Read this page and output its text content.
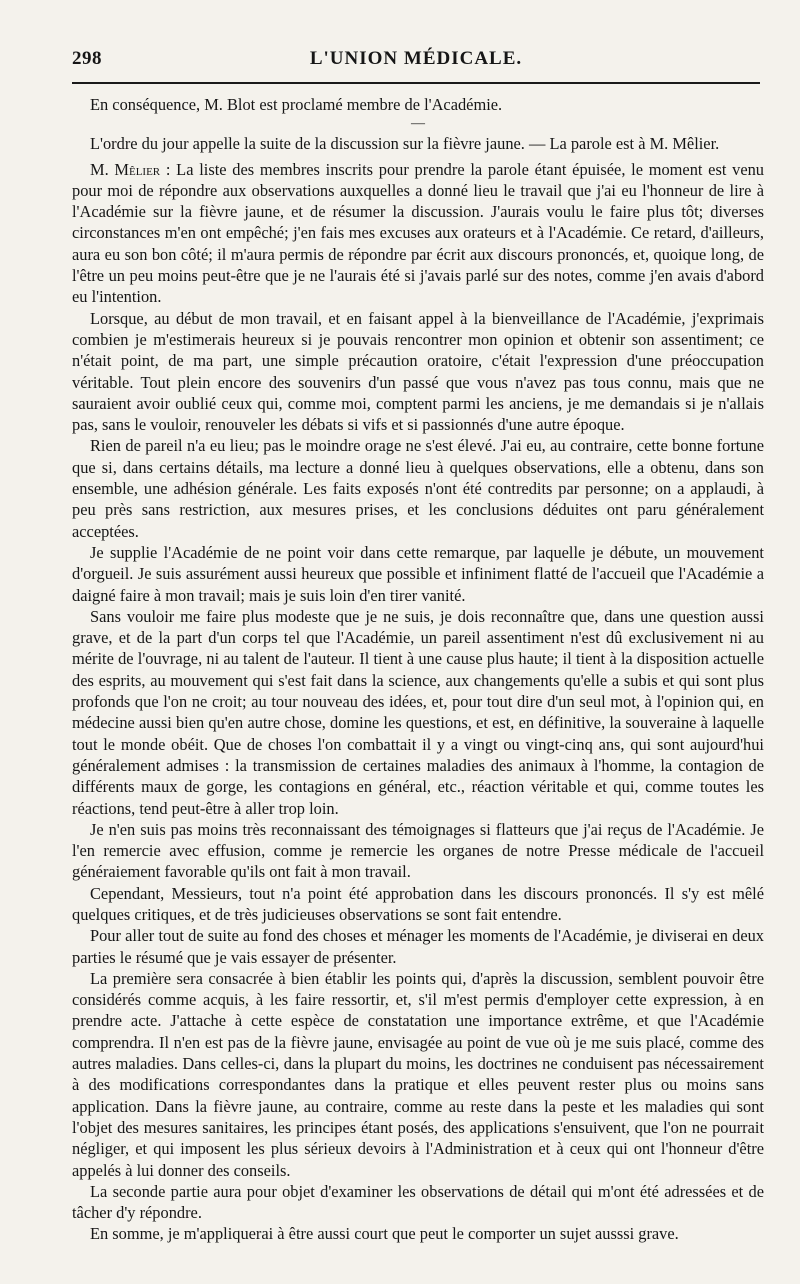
298	L'UNION MÉDICALE.

En conséquence, M. Blot est proclamé membre de l'Académie.

—

L'ordre du jour appelle la suite de la discussion sur la fièvre jaune. — La parole est à M. Mêlier.

M. Mêlier : La liste des membres inscrits pour prendre la parole étant épuisée, le moment est venu pour moi de répondre aux observations auxquelles a donné lieu le travail que j'ai eu l'honneur de lire à l'Académie sur la fièvre jaune, et de résumer la discussion. J'aurais voulu le faire plus tôt; diverses circonstances m'en ont empêché; j'en fais mes excuses aux orateurs et à l'Académie. Ce retard, d'ailleurs, aura eu son bon côté; il m'aura permis de répondre par écrit aux discours prononcés, et, quoique long, de l'être un peu moins peut-être que je ne l'aurais été si j'avais parlé sur des notes, comme j'en avais d'abord eu l'intention.

Lorsque, au début de mon travail, et en faisant appel à la bienveillance de l'Académie, j'exprimais combien je m'estimerais heureux si je pouvais rencontrer mon opinion et obtenir son assentiment; ce n'était point, de ma part, une simple précaution oratoire, c'était l'expression d'une préoccupation véritable. Tout plein encore des souvenirs d'un passé que vous n'avez pas tous connu, mais que ne sauraient avoir oublié ceux qui, comme moi, comptent parmi les anciens, je me demandais si je n'allais pas, sans le vouloir, renouveler les débats si vifs et si passionnés d'une autre époque.

Rien de pareil n'a eu lieu; pas le moindre orage ne s'est élevé. J'ai eu, au contraire, cette bonne fortune que si, dans certains détails, ma lecture a donné lieu à quelques observations, elle a obtenu, dans son ensemble, une adhésion générale. Les faits exposés n'ont été contredits par personne; on a applaudi, à peu près sans restriction, aux mesures prises, et les conclusions déduites ont paru généralement acceptées.

Je supplie l'Académie de ne point voir dans cette remarque, par laquelle je débute, un mouvement d'orgueil. Je suis assurément aussi heureux que possible et infiniment flatté de l'accueil que l'Académie a daigné faire à mon travail; mais je suis loin d'en tirer vanité.

Sans vouloir me faire plus modeste que je ne suis, je dois reconnaître que, dans une question aussi grave, et de la part d'un corps tel que l'Académie, un pareil assentiment n'est dû exclusivement ni au mérite de l'ouvrage, ni au talent de l'auteur. Il tient à une cause plus haute; il tient à la disposition actuelle des esprits, au mouvement qui s'est fait dans la science, aux changements qu'elle a subis et qui sont plus profonds que l'on ne croit; au tour nouveau des idées, et, pour tout dire d'un seul mot, à l'opinion qui, en médecine aussi bien qu'en autre chose, domine les questions, et est, en définitive, la souveraine à laquelle tout le monde obéit. Que de choses l'on combattait il y a vingt ou vingt-cinq ans, qui sont aujourd'hui généralement admises : la transmission de certaines maladies des animaux à l'homme, la contagion de différents maux de gorge, les contagions en général, etc., réaction véritable et qui, comme toutes les réactions, tend peut-être à aller trop loin.

Je n'en suis pas moins très reconnaissant des témoignages si flatteurs que j'ai reçus de l'Académie. Je l'en remercie avec effusion, comme je remercie les organes de notre Presse médicale de l'accueil généraiement favorable qu'ils ont fait à mon travail.

Cependant, Messieurs, tout n'a point été approbation dans les discours prononcés. Il s'y est mêlé quelques critiques, et de très judicieuses observations se sont fait entendre.

Pour aller tout de suite au fond des choses et ménager les moments de l'Académie, je diviserai en deux parties le résumé que je vais essayer de présenter.

La première sera consacrée à bien établir les points qui, d'après la discussion, semblent pouvoir être considérés comme acquis, à les faire ressortir, et, s'il m'est permis d'employer cette expression, à en prendre acte. J'attache à cette espèce de constatation une importance extrême, et que l'Académie comprendra. Il n'en est pas de la fièvre jaune, envisagée au point de vue où je me suis placé, comme des autres maladies. Dans celles-ci, dans la plupart du moins, les doctrines ne conduisent pas nécessairement à des modifications correspondantes dans la pratique et elles peuvent rester plus ou moins sans application. Dans la fièvre jaune, au contraire, comme au reste dans la peste et les maladies qui sont l'objet des mesures sanitaires, les principes étant posés, des applications s'ensuivent, que l'on ne pourrait négliger, et qui imposent les plus sérieux devoirs à l'Administration et à ceux qui ont l'honneur d'être appelés à lui donner des conseils.

La seconde partie aura pour objet d'examiner les observations de détail qui m'ont été adressées et de tâcher d'y répondre.

En somme, je m'appliquerai à être aussi court que peut le comporter un sujet ausssi grave.
